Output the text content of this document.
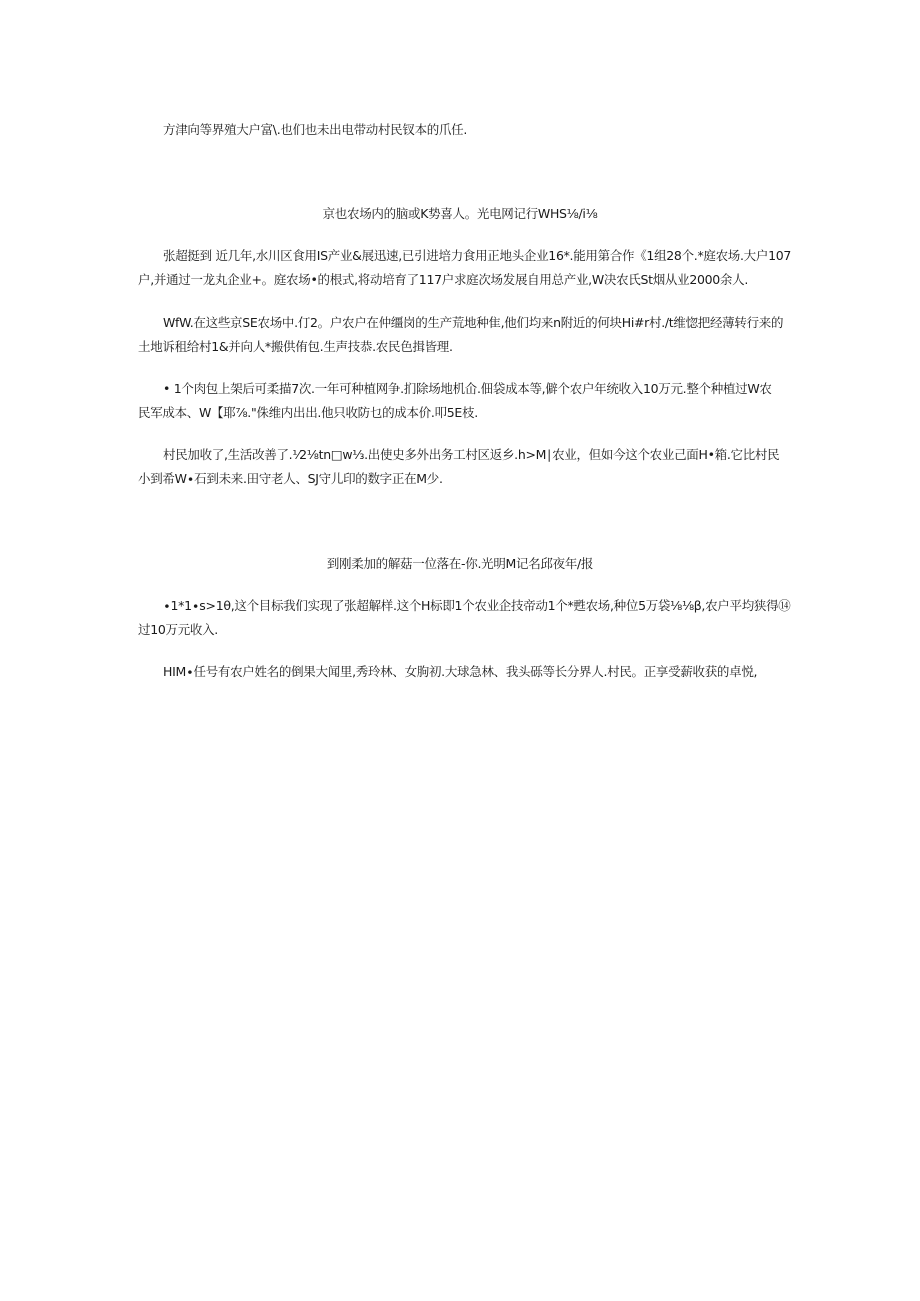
方津向等界殖大户富\.也们也未出电带动村民钗本的爪任.
京也农场内的脑或K势喜人。光电网记行WHS⅛∕i⅛
张超挺到 近几年,水川区食用IS产业&展迅速,已引进培力食用正地头企业16*.能用第合作《1组28个.*庭农场.大户107
户,并通过一龙丸企业+。庭农场•的根式,将动培育了117户求庭次场发展自用总产业,W决农氏St烟从业2000余人.
WfW.在这些京SE农场中.仃2。户农户在仲缰岗的生产荒地种隹,他们均来n附近的何块Hi#r村.∕t维惚把经薄转行来的
土地诉租给村1&并向人*搬供侑包.生声技恭.农民色揖皆理.
• 1个肉包上架后可柔描7次.一年可种植网争.扪除场地机仚.佃袋成本等,僻个农户年统收入10万元.整个种植过W农
民军成本、W【耶⅞."侏维内出出.他只收防乜的成本价.叩5E枝.
村民加收了,生活改善了.⅟2⅛tn□w⅓.出使史多外出务工村区返乡.h>M∣农业，但如今这个农业己面H•箱.它比村民
小到希W∙石到未来.田守老人、SJ守儿印的数字正在M少.
到刚柔加的解菇一位落在-你.光明M记名邱夜年/报
∙1*1∙s>1θ,这个目标我们实现了张超解样.这个H标即1个农业企技帝动1个*甦农场,种位5万袋⅛⅛β,农户平均狭得⑭
过10万元收入.
HIM∙任号有农户姓名的倒果大闻里,秀玲林、女朐初.大球急林、我头砾等长分界人.村民。正享受薪收获的卓悦,
